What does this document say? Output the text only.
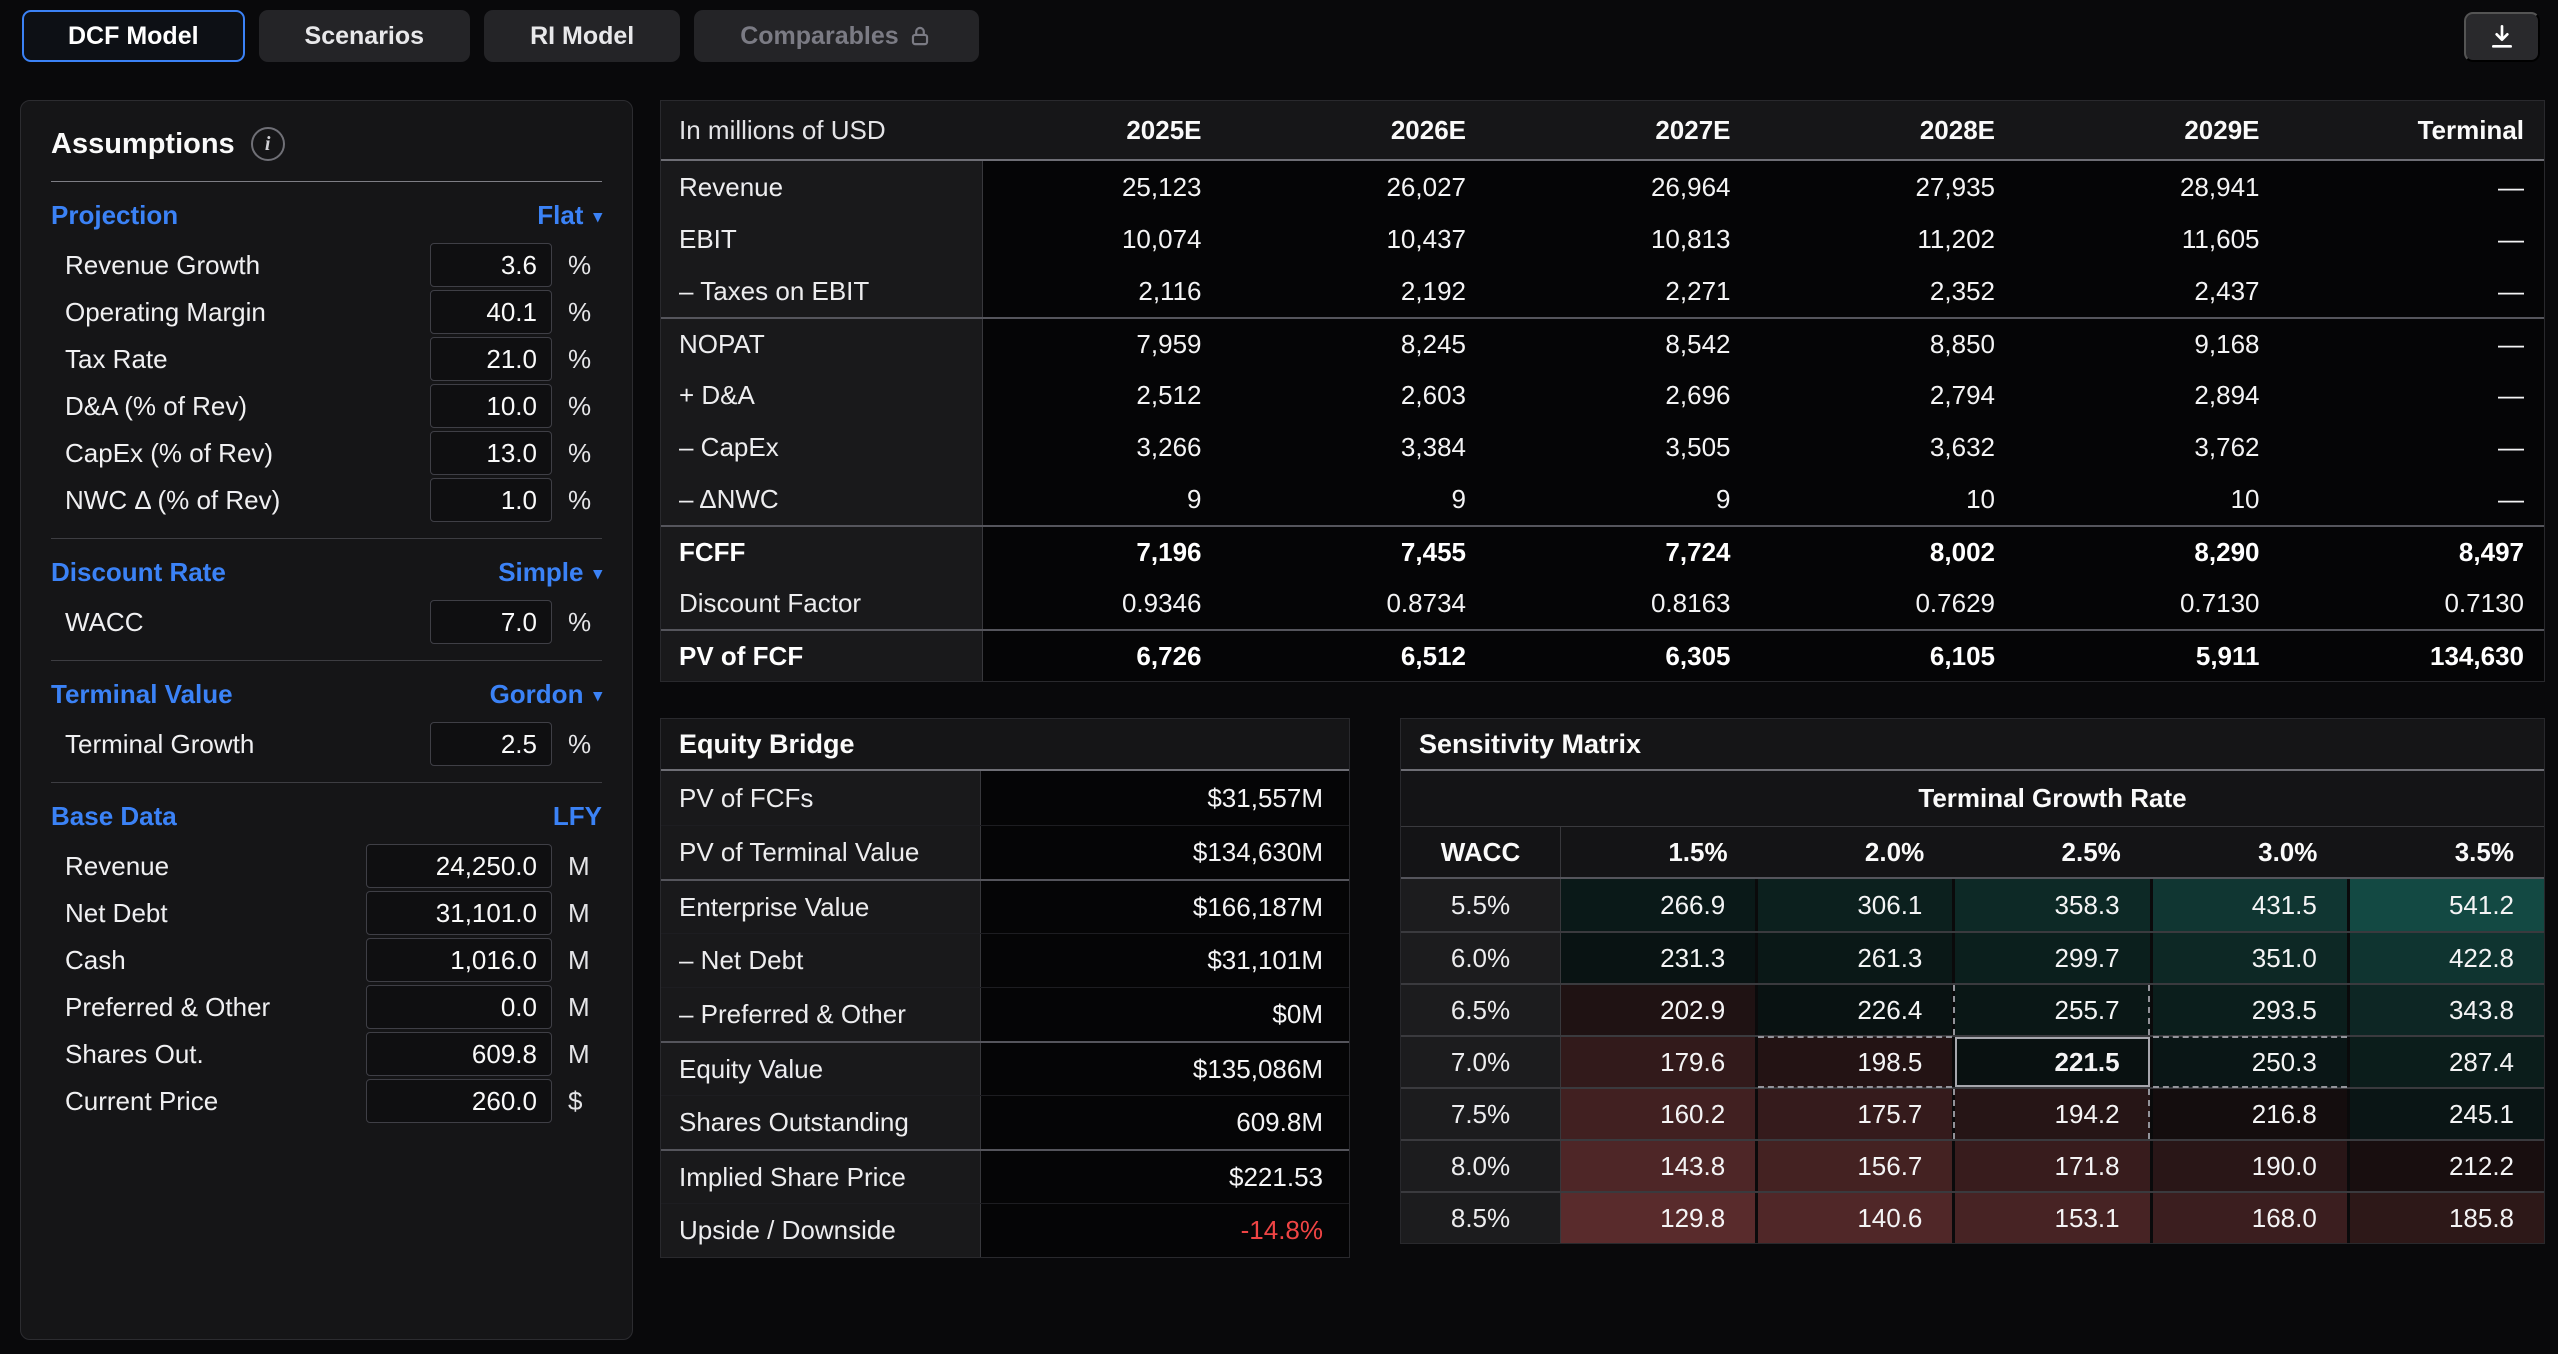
DCF Model	Scenarios	RI Model	Comparables
Assumptions	i
Projection	Flat ▾
Revenue Growth	3.6	%
Operating Margin	40.1	%
Tax Rate	21.0	%
D&A (% of Rev)	10.0	%
CapEx (% of Rev)	13.0	%
NWC Δ (% of Rev)	1.0	%
Discount Rate	Simple ▾
WACC	7.0	%
Terminal Value	Gordon ▾
Terminal Growth	2.5	%
Base Data	LFY
Revenue	24,250.0	M
Net Debt	31,101.0	M
Cash	1,016.0	M
Preferred & Other	0.0	M
Shares Out.	609.8	M
Current Price	260.0	$
In millions of USD	2025E	2026E	2027E	2028E	2029E	Terminal
Revenue	25,123	26,027	26,964	27,935	28,941	—
EBIT	10,074	10,437	10,813	11,202	11,605	—
– Taxes on EBIT	2,116	2,192	2,271	2,352	2,437	—
NOPAT	7,959	8,245	8,542	8,850	9,168	—
+ D&A	2,512	2,603	2,696	2,794	2,894	—
– CapEx	3,266	3,384	3,505	3,632	3,762	—
– ΔNWC	9	9	9	10	10	—
FCFF	7,196	7,455	7,724	8,002	8,290	8,497
Discount Factor	0.9346	0.8734	0.8163	0.7629	0.7130	0.7130
PV of FCF	6,726	6,512	6,305	6,105	5,911	134,630
Equity Bridge
PV of FCFs	$31,557M
PV of Terminal Value	$134,630M
Enterprise Value	$166,187M
– Net Debt	$31,101M
– Preferred & Other	$0M
Equity Value	$135,086M
Shares Outstanding	609.8M
Implied Share Price	$221.53
Upside / Downside	-14.8%
Sensitivity Matrix
Terminal Growth Rate
WACC	1.5%	2.0%	2.5%	3.0%	3.5%
5.5%	266.9	306.1	358.3	431.5	541.2
6.0%	231.3	261.3	299.7	351.0	422.8
6.5%	202.9	226.4	255.7	293.5	343.8
7.0%	179.6	198.5	221.5	250.3	287.4
7.5%	160.2	175.7	194.2	216.8	245.1
8.0%	143.8	156.7	171.8	190.0	212.2
8.5%	129.8	140.6	153.1	168.0	185.8
